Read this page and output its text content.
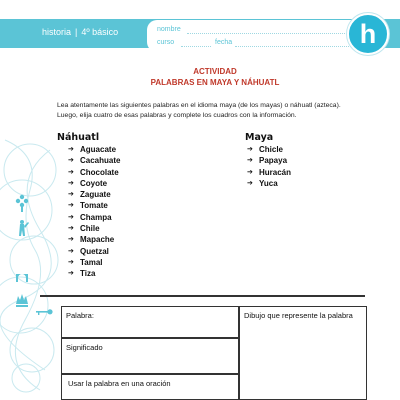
historia | 4º básico	nombre
curso	fecha	h
ACTIVIDAD
PALABRAS EN MAYA Y NÁHUATL
Lea atentamente las siguientes palabras en el idioma maya (de los mayas) o náhuatl (azteca).
Luego, elija cuatro de esas palabras y complete los cuadros con la información.
Náhuatl
➔ Aguacate
➔ Cacahuate
➔ Chocolate
➔ Coyote
➔ Zaguate
➔ Tomate
➔ Champa
➔ Chile
➔ Mapache
➔ Quetzal
➔ Tamal
➔ Tiza
Maya
➔ Chicle
➔ Papaya
➔ Huracán
➔ Yuca
Palabra:	Dibujo que represente la palabra
Significado
Usar la palabra en una oración
